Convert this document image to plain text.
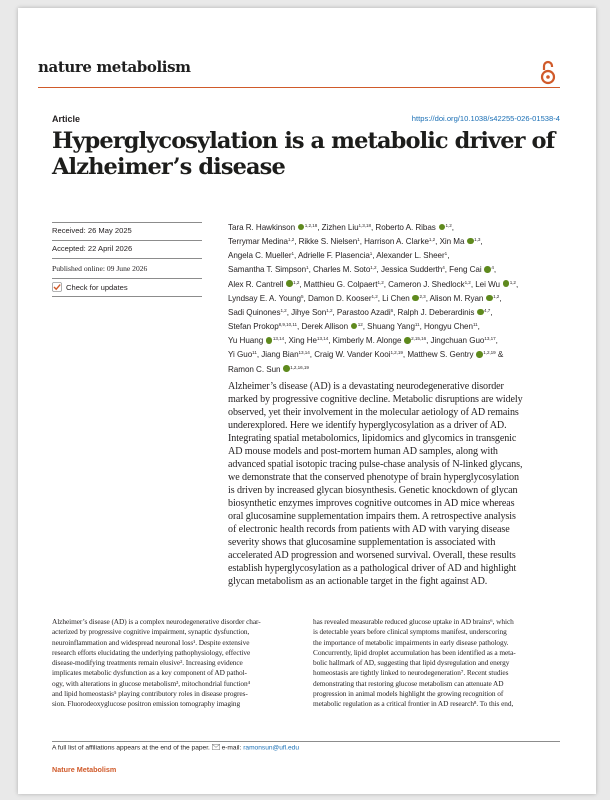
nature metabolism
Article	https://doi.org/10.1038/s42255-026-01538-4
Hyperglycosylation is a metabolic driver of Alzheimer’s disease
Received: 26 May 2025
Accepted: 22 April 2026
Published online: 09 June 2026
Check for updates
Tara R. Hawkinson $^{1,2,18}$, Zizhen Liu$^{1,3,18}$, Roberto A. Ribas $^{1,2}$,
Terrymar Medina$^{1,2}$, Rikke S. Nielsen$^1$, Harrison A. Clarke$^{1,2}$, Xin Ma $^{1,3}$,
Angela C. Mueller$^1$, Adrielle F. Plasencia$^1$, Alexander L. Sheer$^1$,
Samantha T. Simpson$^1$, Charles M. Soto$^{1,2}$, Jessica Sudderth$^4$, Feng Cai $^4$,
Alex R. Cantrell $^{1,2}$, Matthieu G. Colpaert$^{1,2}$, Cameron J. Shedlock$^{1,2}$, Lei Wu $^{1,2}$,
Lyndsay E. A. Young$^5$, Damon D. Kooser$^{1,2}$, Li Chen $^{2,3}$, Alison M. Ryan $^{1,2}$,
Sadi Quinones$^{1,2}$, Jihye Son$^{1,2}$, Parastoo Azadi$^6$, Ralph J. Deberardinis $^{4,7}$,
Stefan Prokop$^{8,9,10,11}$, Derek Allison $^{12}$, Shuang Yang$^{11}$, Hongyu Chen$^{11}$,
Yu Huang $^{13,14}$, Xing He$^{13,14}$, Kimberly M. Alonge $^{2,15,16}$, Jingchuan Guo$^{13,17}$,
Yi Guo$^{11}$, Jiang Bian$^{13,14}$, Craig W. Vander Kooi$^{1,2,19}$, Matthew S. Gentry $^{1,2,19}$ &
Ramon C. Sun $^{1,2,16,19}$
Alzheimer’s disease (AD) is a devastating neurodegenerative disorder
marked by progressive cognitive decline. Metabolic disruptions are widely
observed, yet their involvement in the molecular aetiology of AD remains
underexplored. Here we identify hyperglycosylation as a driver of AD.
Integrating spatial metabolomics, lipidomics and glycomics in transgenic
AD mouse models and post-mortem human AD samples, along with
advanced spatial isotopic tracing pulse-chase analysis of N-linked glycans,
we demonstrate that the conserved phenotype of brain hyperglycosylation
is driven by increased glycan biosynthesis. Genetic knockdown of glycan
biosynthetic enzymes improves cognitive outcomes in AD mice whereas
oral glucosamine supplementation impairs them. A retrospective analysis
of electronic health records from patients with AD with varying disease
severity shows that glucosamine supplementation is associated with
accelerated AD progression and worsened survival. Overall, these results
establish hyperglycosylation as a pathological driver of AD and highlight
glycan metabolism as an actionable target in the fight against AD.
Alzheimer’s disease (AD) is a complex neurodegenerative disorder char-
acterized by progressive cognitive impairment, synaptic dysfunction,
neuroinflammation and widespread neuronal loss¹. Despite extensive
research efforts elucidating the underlying pathophysiology, effective
disease-modifying treatments remain elusive². Increasing evidence
implicates metabolic dysfunction as a key component of AD pathol-
ogy, with alterations in glucose metabolism³, mitochondrial function⁴
and lipid homeostasis⁵ playing contributory roles in disease progres-
sion. Fluorodeoxyglucose positron emission tomography imaging
has revealed measurable reduced glucose uptake in AD brains⁶, which
is detectable years before clinical symptoms manifest, underscoring
the importance of metabolic impairments in early disease pathology.
Concurrently, lipid droplet accumulation has been identified as a meta-
bolic hallmark of AD, suggesting that lipid dysregulation and energy
homeostasis are tightly linked to neurodegeneration⁷. Recent studies
demonstrating that restoring glucose metabolism can attenuate AD
progression in animal models highlight the growing recognition of
metabolic regulation as a critical frontier in AD research⁸. To this end,
A full list of affiliations appears at the end of the paper. e-mail: ramonsun@ufl.edu
Nature Metabolism
